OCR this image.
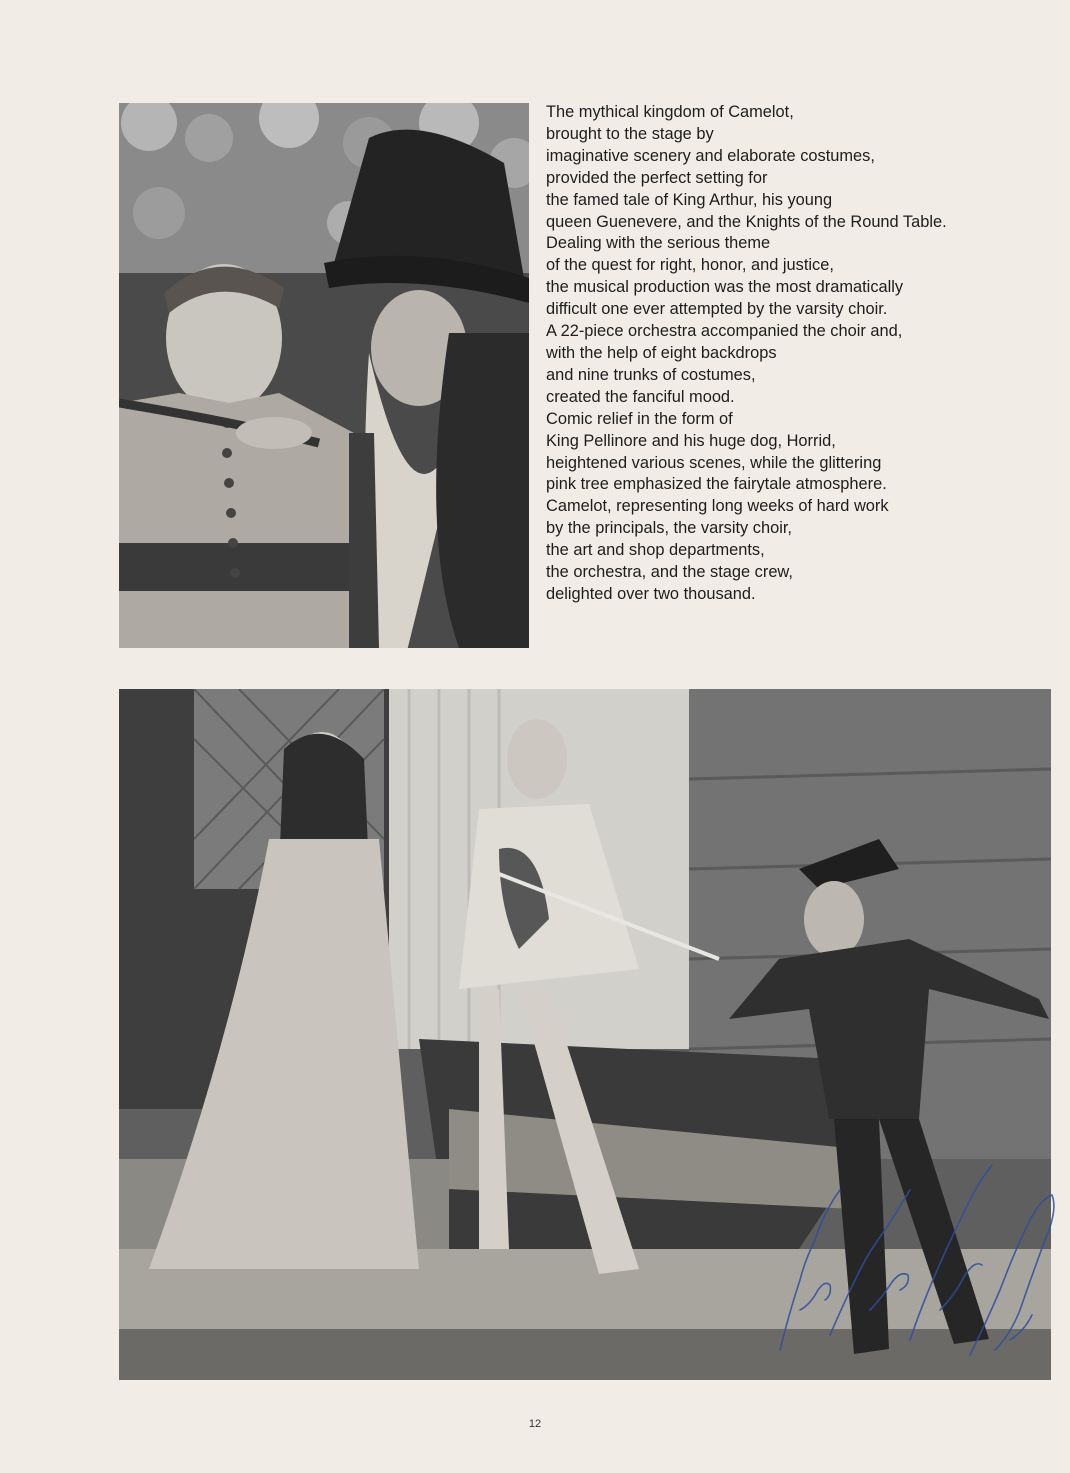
The mythical kingdom of Camelot,
brought to the stage by
imaginative scenery and elaborate costumes,
provided the perfect setting for
the famed tale of King Arthur, his young
queen Guenevere, and the Knights of the Round Table.
Dealing with the serious theme
of the quest for right, honor, and justice,
the musical production was the most dramatically
difficult one ever attempted by the varsity choir.
A 22-piece orchestra accompanied the choir and,
with the help of eight backdrops
and nine trunks of costumes,
created the fanciful mood.
Comic relief in the form of
King Pellinore and his huge dog, Horrid,
heightened various scenes, while the glittering
pink tree emphasized the fairytale atmosphere.
Camelot, representing long weeks of hard work
by the principals, the varsity choir,
the art and shop departments,
the orchestra, and the stage crew,
delighted over two thousand.
12
